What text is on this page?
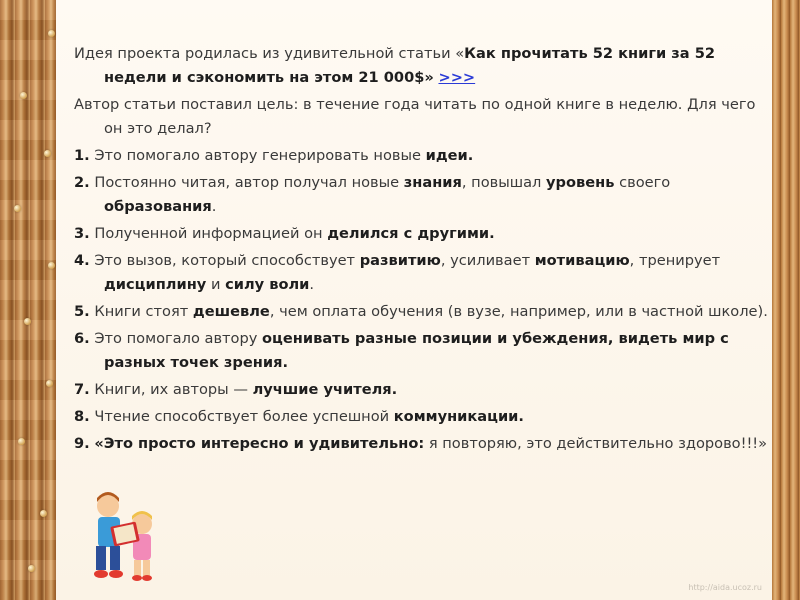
Идея проекта родилась из удивительной статьи «Как прочитать 52 книги за 52 недели и сэкономить на этом 21 000$» >>>

Автор статьи поставил цель: в течение года читать по одной книге в неделю. Для чего он это делал?

1. Это помогало автору генерировать новые идеи.

2. Постоянно читая, автор получал новые знания, повышал уровень своего образования.

3. Полученной информацией он делился с другими.

4. Это вызов, который способствует развитию, усиливает мотивацию, тренирует дисциплину и силу воли.

5. Книги стоят дешевле, чем оплата обучения (в вузе, например, или в частной школе).

6. Это помогало автору оценивать разные позиции и убеждения, видеть мир с разных точек зрения.

7. Книги, их авторы — лучшие учителя.

8. Чтение способствует более успешной коммуникации.

9. «Это просто интересно и удивительно: я повторяю, это действительно здорово!!!»

http://aida.ucoz.ru
